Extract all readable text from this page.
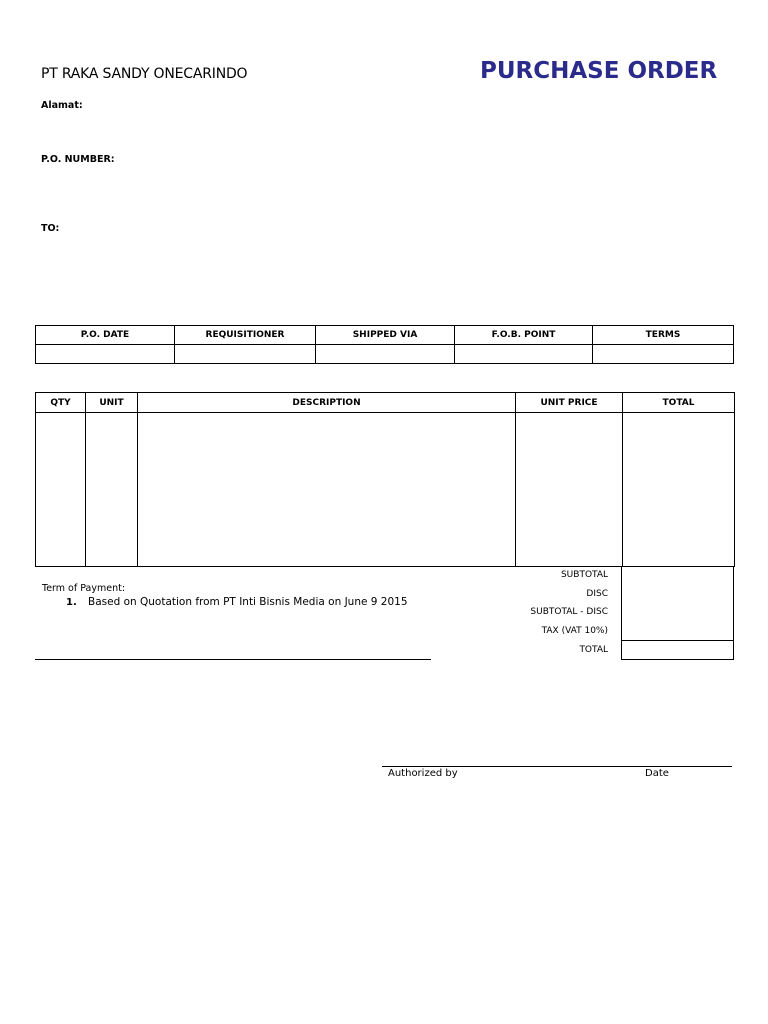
PT RAKA SANDY ONECARINDO	PURCHASE ORDER
Alamat:
P.O. NUMBER:
TO:
P.O. DATE	REQUISITIONER	SHIPPED VIA	F.O.B. POINT	TERMS

QTY	UNIT	DESCRIPTION	UNIT PRICE	TOTAL

SUBTOTAL
DISC
SUBTOTAL - DISC
TAX (VAT 10%)
TOTAL
Term of Payment:
1. Based on Quotation from PT Inti Bisnis Media on June 9 2015
Authorized by	Date
